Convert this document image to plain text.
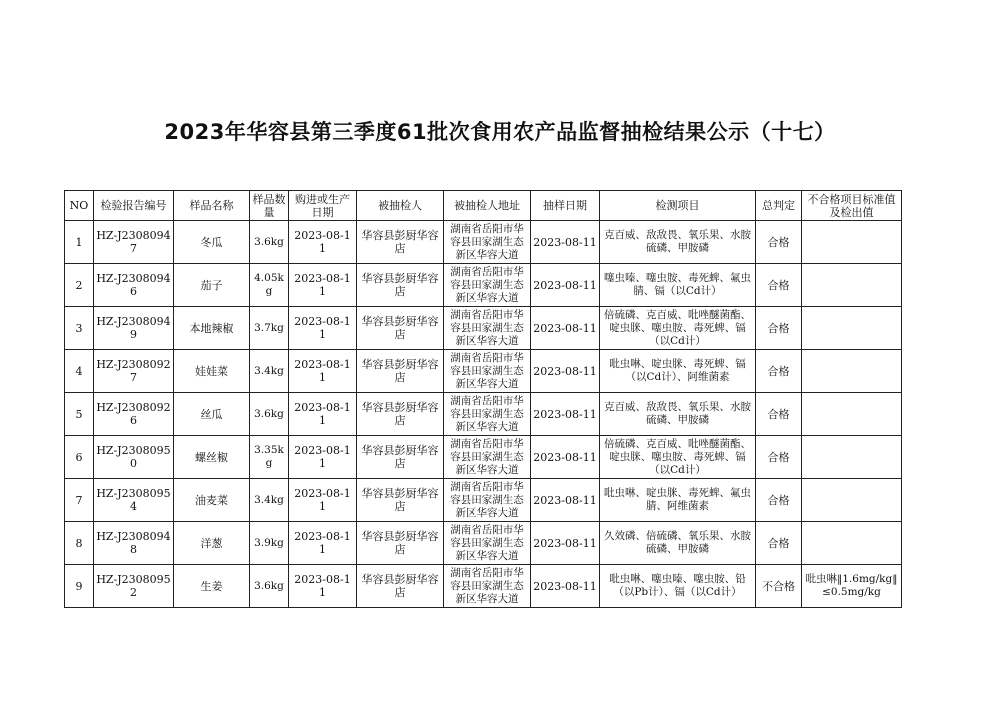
2023年华容县第三季度61批次食用农产品监督抽检结果公示（十七）
NO	检验报告编号	样品名称	样品数量	购进或生产日期	被抽检人	被抽检人地址	抽样日期	检测项目	总判定	不合格项目标准值及检出值
1	HZ-J23080947	冬瓜	3.6kg	2023-08-11	华容县彭厨华容店	湖南省岳阳市华容县田家湖生态新区华容大道	2023-08-11	克百威、敌敌畏、氧乐果、水胺硫磷、甲胺磷	合格	
2	HZ-J23080946	茄子	4.05kg	2023-08-11	华容县彭厨华容店	湖南省岳阳市华容县田家湖生态新区华容大道	2023-08-11	噻虫嗪、噻虫胺、毒死蜱、氟虫腈、镉（以Cd计）	合格	
3	HZ-J23080949	本地辣椒	3.7kg	2023-08-11	华容县彭厨华容店	湖南省岳阳市华容县田家湖生态新区华容大道	2023-08-11	倍硫磷、克百威、吡唑醚菌酯、啶虫脒、噻虫胺、毒死蜱、镉（以Cd计）	合格	
4	HZ-J23080927	娃娃菜	3.4kg	2023-08-11	华容县彭厨华容店	湖南省岳阳市华容县田家湖生态新区华容大道	2023-08-11	吡虫啉、啶虫脒、毒死蜱、镉（以Cd计）、阿维菌素	合格	
5	HZ-J23080926	丝瓜	3.6kg	2023-08-11	华容县彭厨华容店	湖南省岳阳市华容县田家湖生态新区华容大道	2023-08-11	克百威、敌敌畏、氧乐果、水胺硫磷、甲胺磷	合格	
6	HZ-J23080950	螺丝椒	3.35kg	2023-08-11	华容县彭厨华容店	湖南省岳阳市华容县田家湖生态新区华容大道	2023-08-11	倍硫磷、克百威、吡唑醚菌酯、啶虫脒、噻虫胺、毒死蜱、镉（以Cd计）	合格	
7	HZ-J23080954	油麦菜	3.4kg	2023-08-11	华容县彭厨华容店	湖南省岳阳市华容县田家湖生态新区华容大道	2023-08-11	吡虫啉、啶虫脒、毒死蜱、氟虫腈、阿维菌素	合格	
8	HZ-J23080948	洋葱	3.9kg	2023-08-11	华容县彭厨华容店	湖南省岳阳市华容县田家湖生态新区华容大道	2023-08-11	久效磷、倍硫磷、氧乐果、水胺硫磷、甲胺磷	合格	
9	HZ-J23080952	生姜	3.6kg	2023-08-11	华容县彭厨华容店	湖南省岳阳市华容县田家湖生态新区华容大道	2023-08-11	吡虫啉、噻虫嗪、噻虫胺、铅（以Pb计）、镉（以Cd计）	不合格	吡虫啉‖1.6mg/kg‖≤0.5mg/kg
